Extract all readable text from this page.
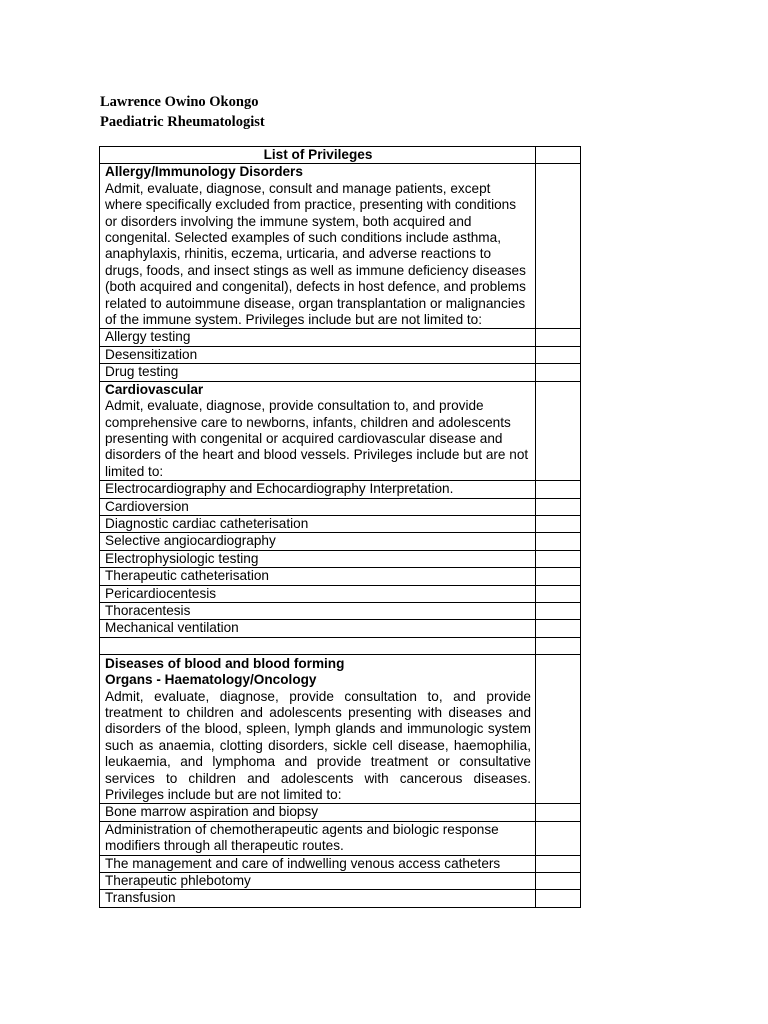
Lawrence Owino Okongo
Paediatric Rheumatologist
List of Privileges	

Allergy/Immunology Disorders
Admit, evaluate, diagnose, consult and manage patients, except where specifically excluded from practice, presenting with conditions or disorders involving the immune system, both acquired and congenital. Selected examples of such conditions include asthma, anaphylaxis, rhinitis, eczema, urticaria, and adverse reactions to drugs, foods, and insect stings as well as immune deficiency diseases (both acquired and congenital), defects in host defence, and problems related to autoimmune disease, organ transplantation or malignancies of the immune system. Privileges include but are not limited to:	

Allergy testing	
Desensitization	
Drug testing	

Cardiovascular
Admit, evaluate, diagnose, provide consultation to, and provide comprehensive care to newborns, infants, children and adolescents presenting with congenital or acquired cardiovascular disease and disorders of the heart and blood vessels. Privileges include but are not limited to:	

Electrocardiography and Echocardiography Interpretation.	
Cardioversion	
Diagnostic cardiac catheterisation	
Selective angiocardiography	
Electrophysiologic testing	
Therapeutic catheterisation	
Pericardiocentesis	
Thoracentesis	
Mechanical ventilation	

Diseases of blood and blood forming
Organs - Haematology/Oncology
Admit, evaluate, diagnose, provide consultation to, and provide treatment to children and adolescents presenting with diseases and disorders of the blood, spleen, lymph glands and immunologic system such as anaemia, clotting disorders, sickle cell disease, haemophilia, leukaemia, and lymphoma and provide treatment or consultative services to children and adolescents with cancerous diseases. Privileges include but are not limited to:	

Bone marrow aspiration and biopsy	
Administration of chemotherapeutic agents and biologic response modifiers through all therapeutic routes.	
The management and care of indwelling venous access catheters	
Therapeutic phlebotomy	
Transfusion	
